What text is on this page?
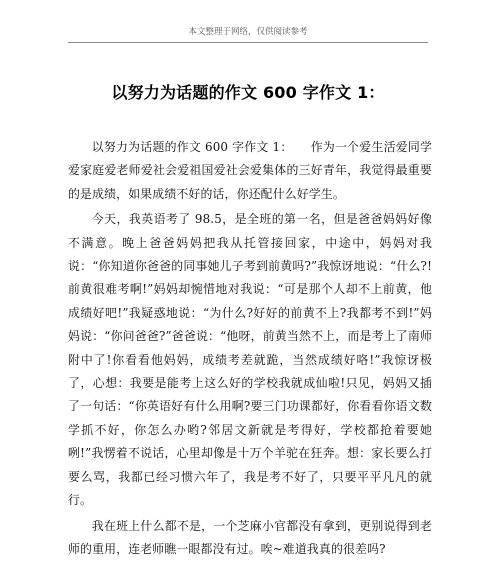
本文整理于网络，仅供阅读参考
以努力为话题的作文 600 字作文 1：

以努力为话题的作文 600 字作文 1：　　作为一个爱生活爱同学爱家庭爱老师爱社会爱祖国爱社会爱集体的三好青年，我觉得最重要的是成绩，如果成绩不好的话，你还配什么好学生。

今天，我英语考了 98.5，是全班的第一名，但是爸爸妈妈好像不满意。晚上爸爸妈妈把我从托管接回家，中途中，妈妈对我说：“你知道你爸爸的同事她儿子考到前黄吗?”我惊讶地说：“什么?!前黄很难考啊!”妈妈却惋惜地对我说：“可是那个人却不上前黄，他成绩好吧!”我疑惑地说：“为什么?好好的前黄不上?我都考不到!”妈妈说：“你问爸爸?”爸爸说：“他呀，前黄当然不上，而是考上了南师附中了!你看看他妈妈，成绩考差就跪，当然成绩好咯!”我惊讶极了，心想：我要是能考上这么好的学校我就成仙啦!只见，妈妈又插了一句话：“你英语好有什么用啊?要三门功课都好，你看看你语文数学抓不好，你怎么办哟?邻居文新就是考得好，学校都抢着要她咧!”我愣着不说话，心里却像是十万个羊驼在狂奔。想：家长要么打要么骂，我都已经习惯六年了，我是考不好了，只要平平凡凡的就行。

我在班上什么都不是，一个芝麻小官都没有拿到，更别说得到老师的重用，连老师瞧一眼都没有过。唉~难道我真的很差吗?
